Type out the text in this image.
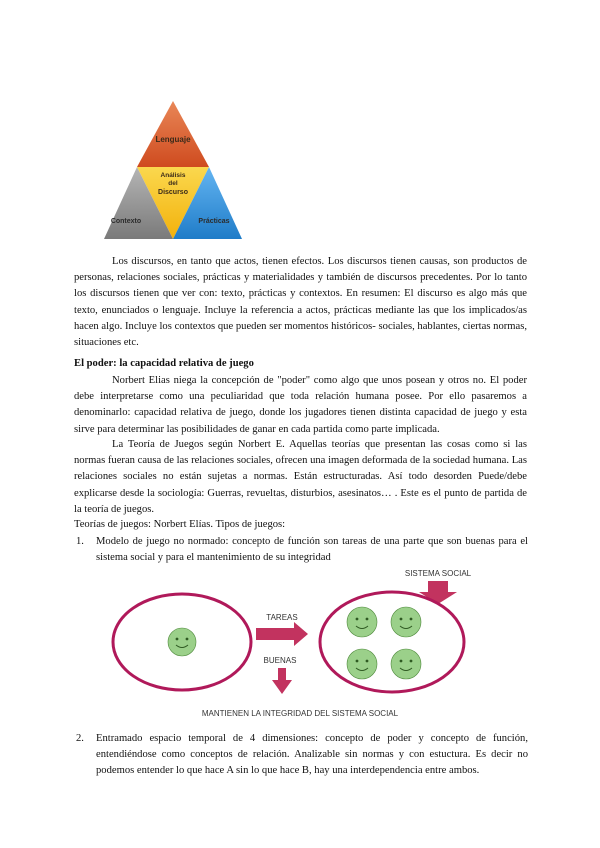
Lenguaje
Análisis
del
Discurso
Contexto	Prácticas

Los discursos, en tanto que actos, tienen efectos. Los discursos tienen causas, son productos de personas, relaciones sociales, prácticas y materialidades y también de discursos precedentes. Por lo tanto los discursos tienen que ver con: texto, prácticas y contextos. En resumen: El discurso es algo más que texto, enunciados o lenguaje. Incluye la referencia a actos, prácticas mediante las que los implicados/as hacen algo. Incluye los contextos que pueden ser momentos históricos- sociales, hablantes, ciertas normas, situaciones etc.

El poder: la capacidad relativa de juego

Norbert Elias niega la concepción de "poder" como algo que unos posean y otros no. El poder debe interpretarse como una peculiaridad que toda relación humana posee. Por ello pasaremos a denominarlo: capacidad relativa de juego, donde los jugadores tienen distinta capacidad de juego y esta sirve para determinar las posibilidades de ganar en cada partida como parte implicada.

La Teoría de Juegos según Norbert E. Aquellas teorías que presentan las cosas como si las normas fueran causa de las relaciones sociales, ofrecen una imagen deformada de la sociedad humana. Las relaciones sociales no están sujetas a normas. Están estructuradas. Así todo desorden Puede/debe explicarse desde la sociología: Guerras, revueltas, disturbios, asesinatos… . Este es el punto de partida de la teoría de juegos.

Teorías de juegos: Norbert Elías. Tipos de juegos:

1. Modelo de juego no normado: concepto de función son tareas de una parte que son buenas para el sistema social y para el mantenimiento de su integridad
SISTEMA SOCIAL
TAREAS
BUENAS
MANTIENEN LA INTEGRIDAD DEL SISTEMA SOCIAL
2. Entramado espacio temporal de 4 dimensiones: concepto de poder y concepto de función, entendiéndose como conceptos de relación. Analizable sin normas y con estuctura. Es decir no podemos entender lo que hace A sin lo que hace B, hay una interdependencia entre ambos.
